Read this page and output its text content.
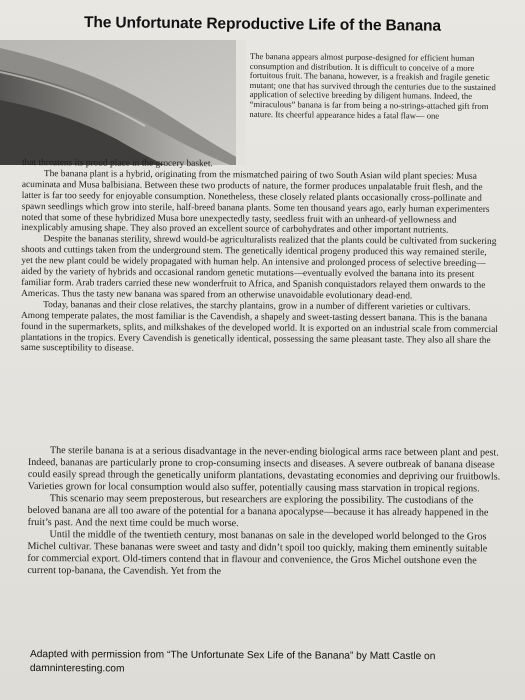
The Unfortunate Reproductive Life of the Banana

The banana appears almost purpose-designed for efficient human consumption and distribution. It is difficult to conceive of a more fortuitous fruit. The banana, however, is a freakish and fragile genetic mutant; one that has survived through the centuries due to the sustained application of selective breeding by diligent humans. Indeed, the “miraculous” banana is far from being a no-strings-attached gift from nature. Its cheerful appearance hides a fatal flaw— one

that threatens its proud place in the grocery basket.

The banana plant is a hybrid, originating from the mismatched pairing of two South Asian wild plant species: Musa acuminata and Musa balbisiana. Between these two products of nature, the former produces unpalatable fruit flesh, and the latter is far too seedy for enjoyable consumption. Nonetheless, these closely related plants occasionally cross-pollinate and spawn seedlings which grow into sterile, half-breed banana plants. Some ten thousand years ago, early human experimenters noted that some of these hybridized Musa bore unexpectedly tasty, seedless fruit with an unheard-of yellowness and inexplicably amusing shape. They also proved an excellent source of carbohydrates and other important nutrients.

Despite the bananas sterility, shrewd would-be agriculturalists realized that the plants could be cultivated from suckering shoots and cuttings taken from the underground stem. The genetically identical progeny produced this way remained sterile, yet the new plant could be widely propagated with human help. An intensive and prolonged process of selective breeding—aided by the variety of hybrids and occasional random genetic mutations—eventually evolved the banana into its present familiar form. Arab traders carried these new wonderfruit to Africa, and Spanish conquistadors relayed them onwards to the Americas. Thus the tasty new banana was spared from an otherwise unavoidable evolutionary dead-end.

Today, bananas and their close relatives, the starchy plantains, grow in a number of different varieties or cultivars. Among temperate palates, the most familiar is the Cavendish, a shapely and sweet-tasting dessert banana. This is the banana found in the supermarkets, splits, and milkshakes of the developed world. It is exported on an industrial scale from commercial plantations in the tropics. Every Cavendish is genetically identical, possessing the same pleasant taste. They also all share the same susceptibility to disease.

The sterile banana is at a serious disadvantage in the never-ending biological arms race between plant and pest. Indeed, bananas are particularly prone to crop-consuming insects and diseases. A severe outbreak of banana disease could easily spread through the genetically uniform plantations, devastating economies and depriving our fruitbowls. Varieties grown for local consumption would also suffer, potentially causing mass starvation in tropical regions.

This scenario may seem preposterous, but researchers are exploring the possibility. The custodians of the beloved banana are all too aware of the potential for a banana apocalypse—because it has already happened in the fruit’s past. And the next time could be much worse.

Until the middle of the twentieth century, most bananas on sale in the developed world belonged to the Gros Michel cultivar. These bananas were sweet and tasty and didn’t spoil too quickly, making them eminently suitable for commercial export. Old-timers contend that in flavour and convenience, the Gros Michel outshone even the current top-banana, the Cavendish. Yet from the

Adapted with permission from “The Unfortunate Sex Life of the Banana” by Matt Castle on damninteresting.com
